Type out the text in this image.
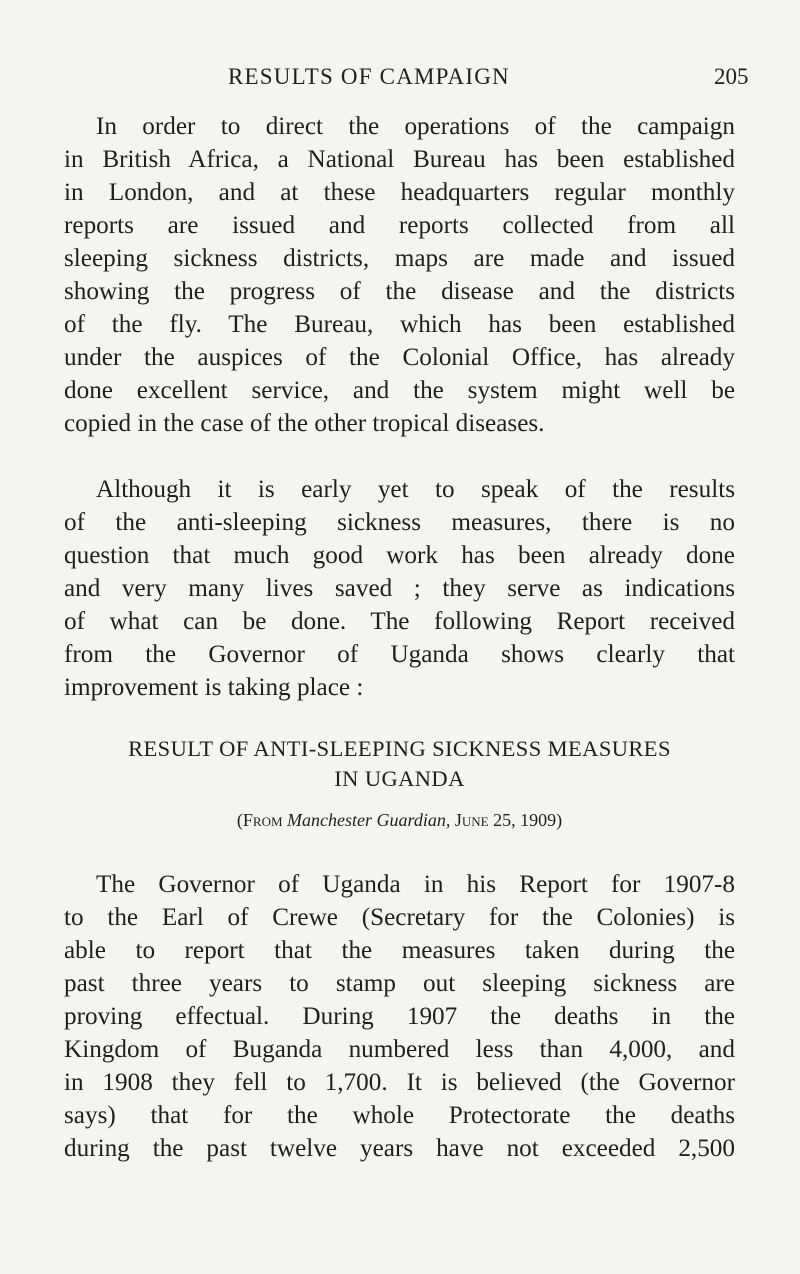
RESULTS OF CAMPAIGN	205
In order to direct the operations of the campaign
in British Africa, a National Bureau has been established
in London, and at these headquarters regular monthly
reports are issued and reports collected from all
sleeping sickness districts, maps are made and issued
showing the progress of the disease and the districts
of the fly. The Bureau, which has been established
under the auspices of the Colonial Office, has already
done excellent service, and the system might well be
copied in the case of the other tropical diseases.
Although it is early yet to speak of the results
of the anti-sleeping sickness measures, there is no
question that much good work has been already done
and very many lives saved ; they serve as indications
of what can be done. The following Report received
from the Governor of Uganda shows clearly that
improvement is taking place :
RESULT OF ANTI-SLEEPING SICKNESS MEASURES
IN UGANDA
(From Manchester Guardian, June 25, 1909)
The Governor of Uganda in his Report for 1907-8
to the Earl of Crewe (Secretary for the Colonies) is
able to report that the measures taken during the
past three years to stamp out sleeping sickness are
proving effectual. During 1907 the deaths in the
Kingdom of Buganda numbered less than 4,000, and
in 1908 they fell to 1,700. It is believed (the Governor
says) that for the whole Protectorate the deaths
during the past twelve years have not exceeded 2,500
